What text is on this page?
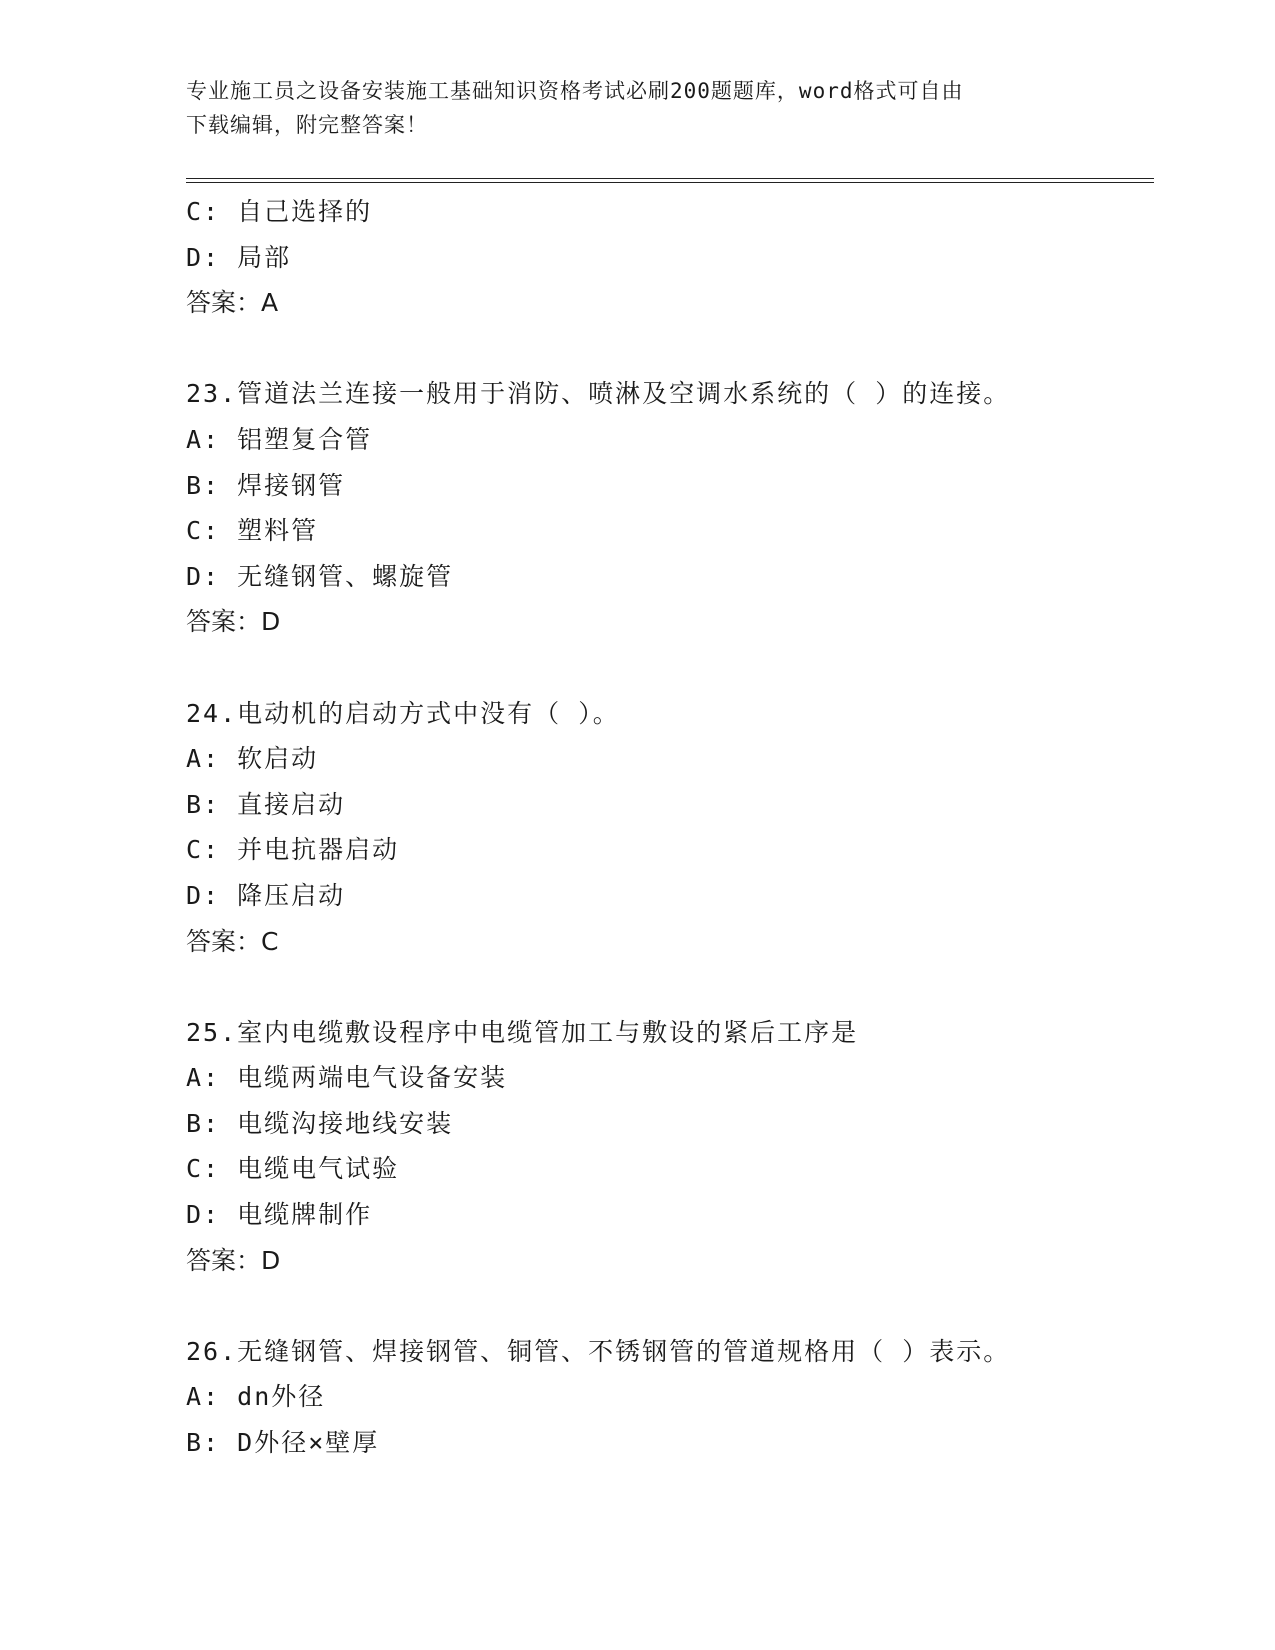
专业施工员之设备安装施工基础知识资格考试必刷200题题库，word格式可自由
下载编辑，附完整答案！
C: 自己选择的
D: 局部
答案：A
23.管道法兰连接一般用于消防、喷淋及空调水系统的（ ）的连接。
A: 铝塑复合管
B: 焊接钢管
C: 塑料管
D: 无缝钢管、螺旋管
答案：D
24.电动机的启动方式中没有（ ）。
A: 软启动
B: 直接启动
C: 并电抗器启动
D: 降压启动
答案：C
25.室内电缆敷设程序中电缆管加工与敷设的紧后工序是
A: 电缆两端电气设备安装
B: 电缆沟接地线安装
C: 电缆电气试验
D: 电缆牌制作
答案：D
26.无缝钢管、焊接钢管、铜管、不锈钢管的管道规格用（ ）表示。
A: dn外径
B: D外径×壁厚
